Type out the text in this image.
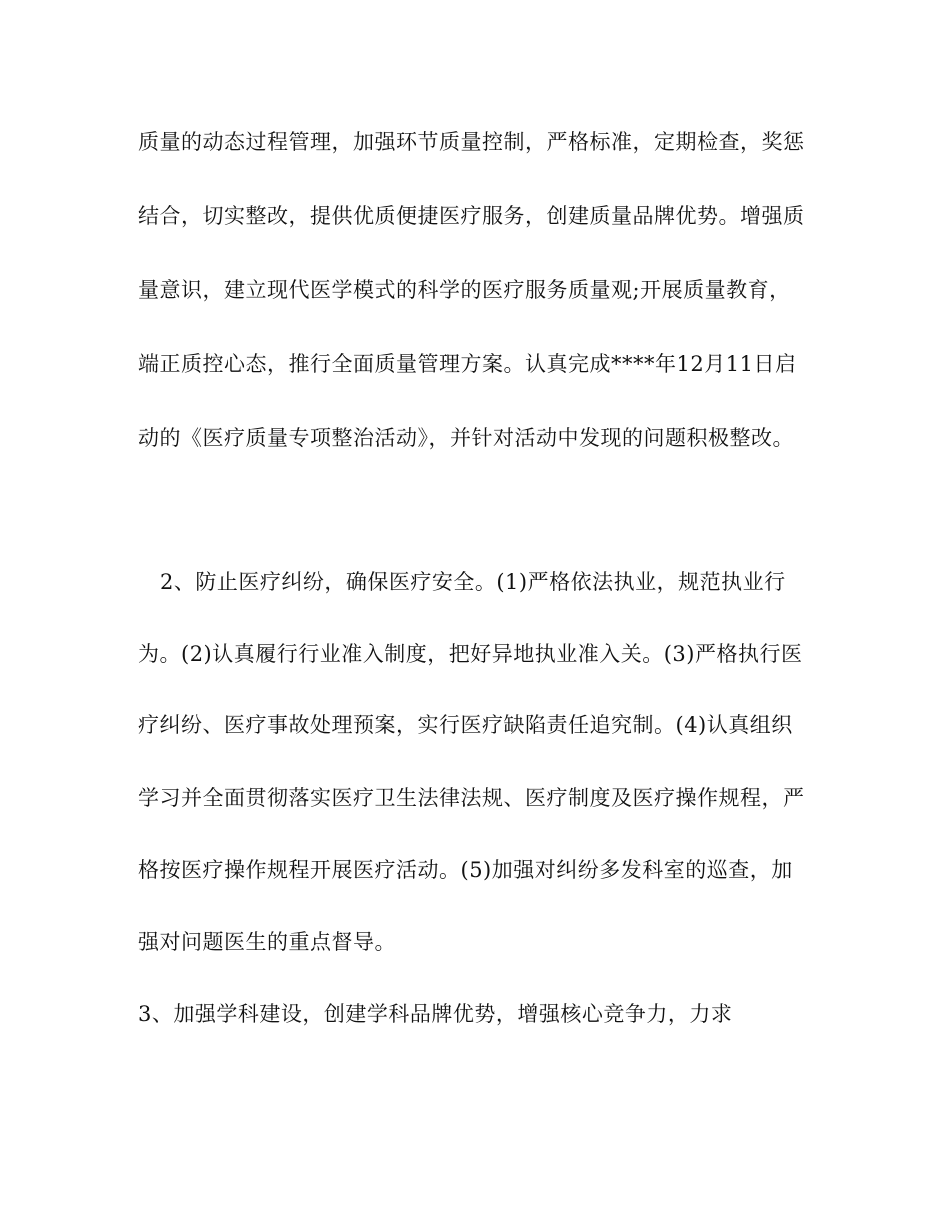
质量的动态过程管理，加强环节质量控制，严格标准，定期检查，奖惩
结合，切实整改，提供优质便捷医疗服务，创建质量品牌优势。增强质
量意识，建立现代医学模式的科学的医疗服务质量观;开展质量教育，
端正质控心态，推行全面质量管理方案。认真完成****年12月11日启
动的《医疗质量专项整治活动》，并针对活动中发现的问题积极整改。
2、防止医疗纠纷，确保医疗安全。(1)严格依法执业，规范执业行
为。(2)认真履行行业准入制度，把好异地执业准入关。(3)严格执行医
疗纠纷、医疗事故处理预案，实行医疗缺陷责任追究制。(4)认真组织
学习并全面贯彻落实医疗卫生法律法规、医疗制度及医疗操作规程，严
格按医疗操作规程开展医疗活动。(5)加强对纠纷多发科室的巡查，加
强对问题医生的重点督导。
3、加强学科建设，创建学科品牌优势，增强核心竞争力，力求
